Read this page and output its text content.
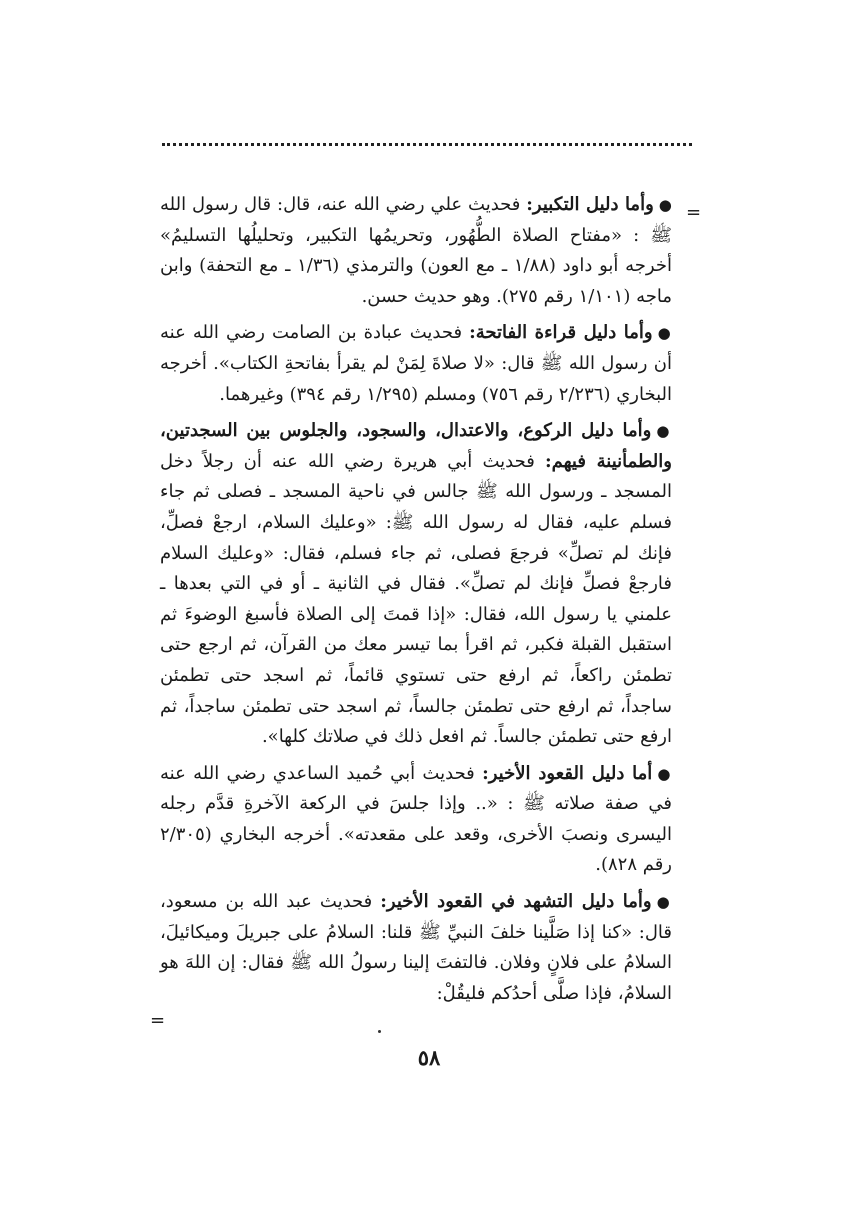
=

●وأما دليل التكبير: فحديث علي رضي الله عنه، قال: قال رسول الله ﷺ : «مفتاح الصلاة الطُّهُور، وتحريمُها التكبير، وتحليلُها التسليمُ» أخرجه أبو داود (١/٨٨ ـ مع العون) والترمذي (١/٣٦ ـ مع التحفة) وابن ماجه (١/١٠١ رقم ٢٧٥). وهو حديث حسن.

●وأما دليل قراءة الفاتحة: فحديث عبادة بن الصامت رضي الله عنه أن رسول الله ﷺ قال: «لا صلاةَ لِمَنْ لم يقرأ بفاتحةِ الكتاب». أخرجه البخاري (٢/٢٣٦ رقم ٧٥٦) ومسلم (١/٢٩٥ رقم ٣٩٤) وغيرهما.

●وأما دليل الركوع، والاعتدال، والسجود، والجلوس بين السجدتين، والطمأنينة فيهم: فحديث أبي هريرة رضي الله عنه أن رجلاً دخل المسجد ـ ورسول الله ﷺ جالس في ناحية المسجد ـ فصلى ثم جاء فسلم عليه، فقال له رسول الله ﷺ: «وعليك السلام، ارجعْ فصلِّ، فإنك لم تصلِّ» فرجعَ فصلى، ثم جاء فسلم، فقال: «وعليك السلام فارجعْ فصلِّ فإنك لم تصلِّ». فقال في الثانية ـ أو في التي بعدها ـ علمني يا رسول الله، فقال: «إذا قمتَ إلى الصلاة فأسبغ الوضوءَ ثم استقبل القبلة فكبر، ثم اقرأ بما تيسر معك من القرآن، ثم ارجع حتى تطمئن راكعاً، ثم ارفع حتى تستوي قائماً، ثم اسجد حتى تطمئن ساجداً، ثم ارفع حتى تطمئن جالساً، ثم اسجد حتى تطمئن ساجداً، ثم ارفع حتى تطمئن جالساً. ثم افعل ذلك في صلاتك كلها».

●أما دليل القعود الأخير: فحديث أبي حُميد الساعدي رضي الله عنه في صفة صلاته ﷺ : «.. وإذا جلسَ في الركعة الآخرةِ قدَّم رجله اليسرى ونصبَ الأخرى، وقعد على مقعدته». أخرجه البخاري (٢/٣٠٥ رقم ٨٢٨).

●وأما دليل التشهد في القعود الأخير: فحديث عبد الله بن مسعود، قال: «كنا إذا صَلَّينا خلفَ النبيِّ ﷺ قلنا: السلامُ على جبريلَ وميكائيلَ، السلامُ على فلانٍ وفلان. فالتفتَ إلينا رسولُ الله ﷺ فقال: إن اللهَ هو السلامُ، فإذا صلَّى أحدُكم فليقُلْ:

=
٥٨
